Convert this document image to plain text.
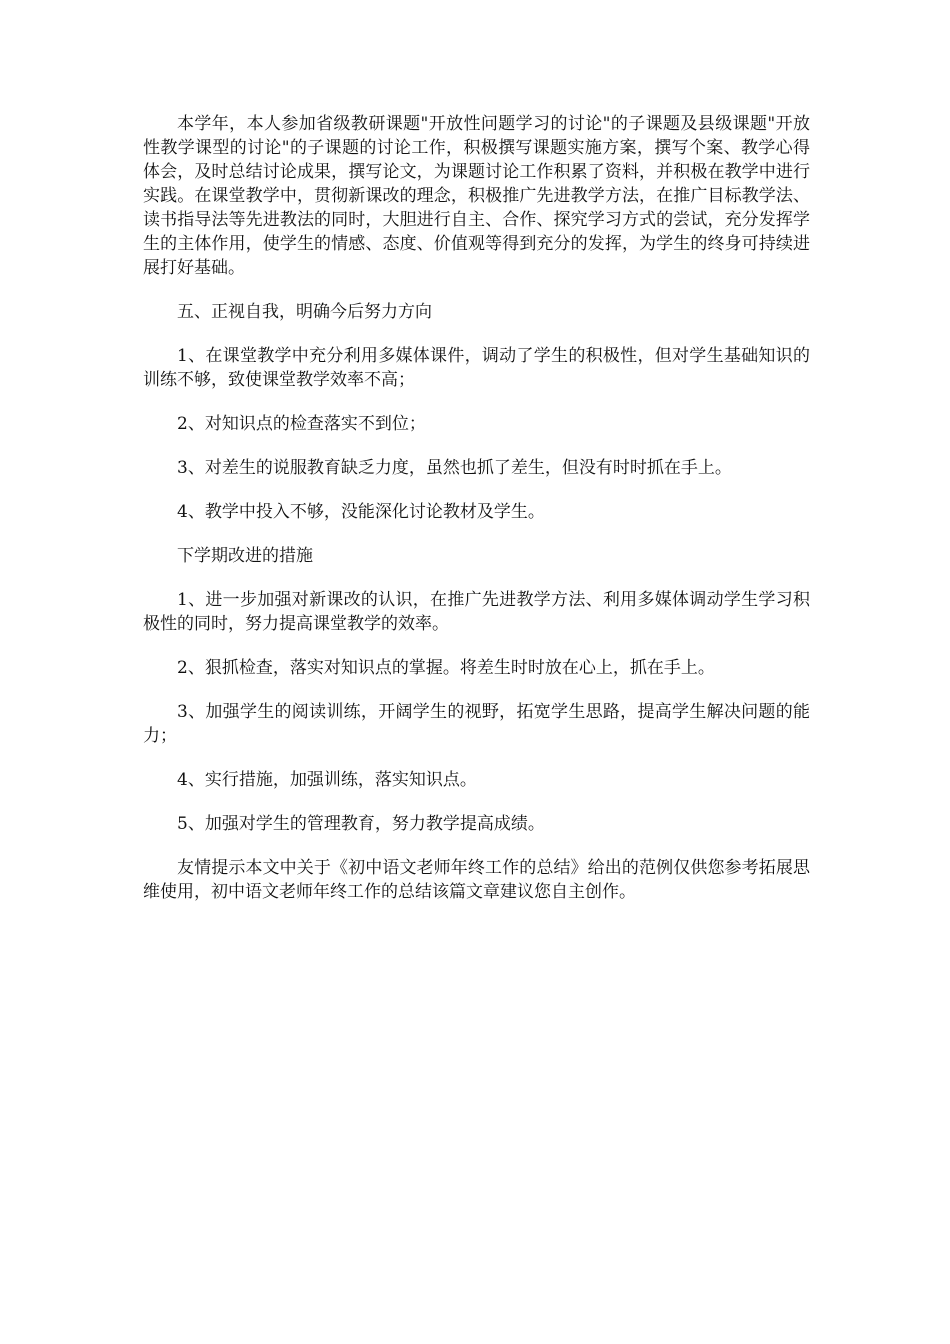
本学年，本人参加省级教研课题"开放性问题学习的讨论"的子课题及县级课题"开放性教学课型的讨论"的子课题的讨论工作，积极撰写课题实施方案，撰写个案、教学心得体会，及时总结讨论成果，撰写论文，为课题讨论工作积累了资料，并积极在教学中进行实践。在课堂教学中，贯彻新课改的理念，积极推广先进教学方法，在推广目标教学法、读书指导法等先进教法的同时，大胆进行自主、合作、探究学习方式的尝试，充分发挥学生的主体作用，使学生的情感、态度、价值观等得到充分的发挥，为学生的终身可持续进展打好基础。

五、正视自我，明确今后努力方向

1、在课堂教学中充分利用多媒体课件，调动了学生的积极性，但对学生基础知识的训练不够，致使课堂教学效率不高；

2、对知识点的检查落实不到位；

3、对差生的说服教育缺乏力度，虽然也抓了差生，但没有时时抓在手上。

4、教学中投入不够，没能深化讨论教材及学生。

下学期改进的措施

1、进一步加强对新课改的认识，在推广先进教学方法、利用多媒体调动学生学习积极性的同时，努力提高课堂教学的效率。

2、狠抓检查，落实对知识点的掌握。将差生时时放在心上，抓在手上。

3、加强学生的阅读训练，开阔学生的视野，拓宽学生思路，提高学生解决问题的能力；

4、实行措施，加强训练，落实知识点。

5、加强对学生的管理教育，努力教学提高成绩。

友情提示本文中关于《初中语文老师年终工作的总结》给出的范例仅供您参考拓展思维使用，初中语文老师年终工作的总结该篇文章建议您自主创作。
